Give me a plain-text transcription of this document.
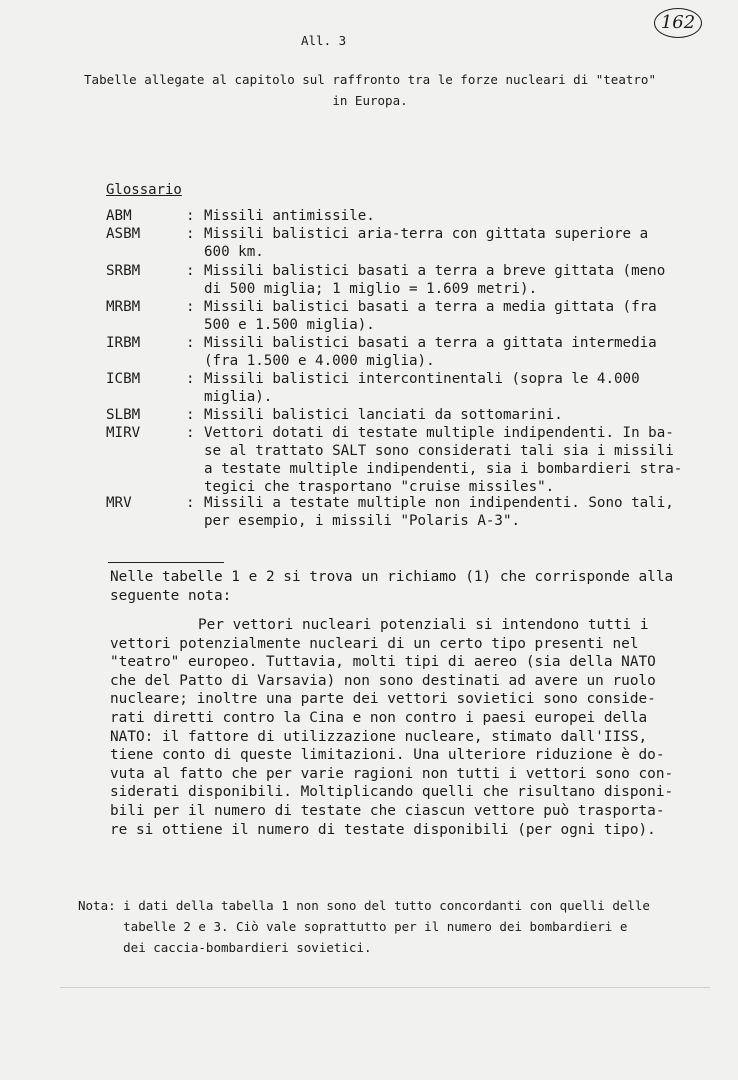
All. 3
162
Tabelle allegate al capitolo sul raffronto tra le forze nucleari di "teatro"
in Europa.
Glossario
ABM	: Missili antimissile.
ASBM	: Missili balistici aria-terra con gittata superiore a
600 km.
SRBM	: Missili balistici basati a terra a breve gittata (meno
di 500 miglia; 1 miglio = 1.609 metri).
MRBM	: Missili balistici basati a terra a media gittata (fra
500 e 1.500 miglia).
IRBM	: Missili balistici basati a terra a gittata intermedia
(fra 1.500 e 4.000 miglia).
ICBM	: Missili balistici intercontinentali (sopra le 4.000
miglia).
SLBM	: Missili balistici lanciati da sottomarini.
MIRV	: Vettori dotati di testate multiple indipendenti. In ba-
se al trattato SALT sono considerati tali sia i missili
a testate multiple indipendenti, sia i bombardieri stra-
tegici che trasportano "cruise missiles".
MRV	: Missili a testate multiple non indipendenti. Sono tali,
per esempio, i missili "Polaris A-3".
Nelle tabelle 1 e 2 si trova un richiamo (1) che corrisponde alla
seguente nota:
Per vettori nucleari potenziali si intendono tutti i
vettori potenzialmente nucleari di un certo tipo presenti nel
"teatro" europeo. Tuttavia, molti tipi di aereo (sia della NATO
che del Patto di Varsavia) non sono destinati ad avere un ruolo
nucleare; inoltre una parte dei vettori sovietici sono conside-
rati diretti contro la Cina e non contro i paesi europei della
NATO: il fattore di utilizzazione nucleare, stimato dall'IISS,
tiene conto di queste limitazioni. Una ulteriore riduzione è do-
vuta al fatto che per varie ragioni non tutti i vettori sono con-
siderati disponibili. Moltiplicando quelli che risultano disponi-
bili per il numero di testate che ciascun vettore può trasporta-
re si ottiene il numero di testate disponibili (per ogni tipo).
Nota: i dati della tabella 1 non sono del tutto concordanti con quelli delle
tabelle 2 e 3. Ciò vale soprattutto per il numero dei bombardieri e
dei caccia-bombardieri sovietici.
